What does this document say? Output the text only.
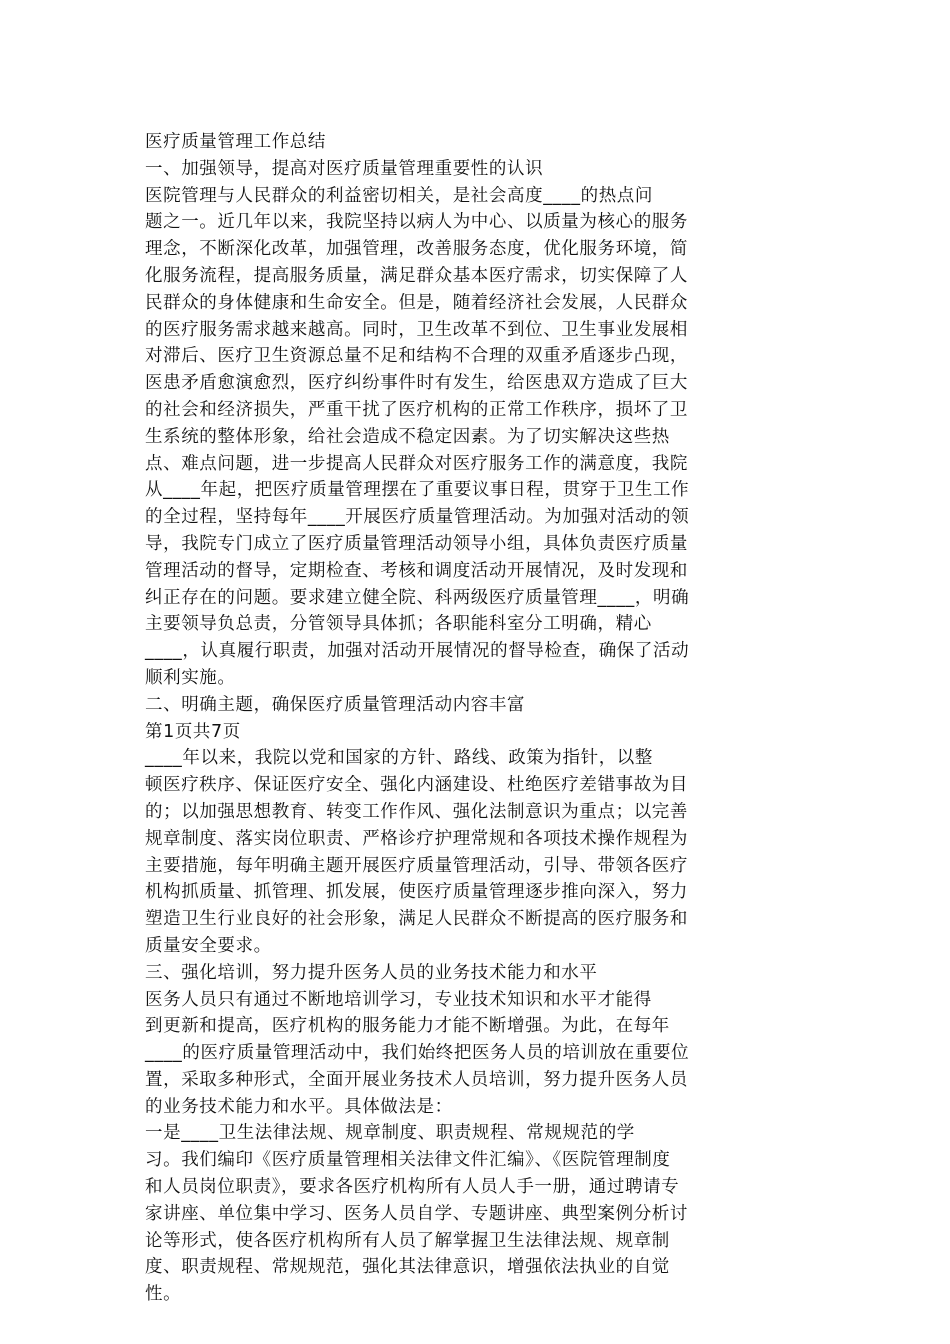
医疗质量管理工作总结
一、加强领导，提高对医疗质量管理重要性的认识
医院管理与人民群众的利益密切相关，是社会高度____的热点问
题之一。近几年以来，我院坚持以病人为中心、以质量为核心的服务
理念，不断深化改革，加强管理，改善服务态度，优化服务环境，简
化服务流程，提高服务质量，满足群众基本医疗需求，切实保障了人
民群众的身体健康和生命安全。但是，随着经济社会发展，人民群众
的医疗服务需求越来越高。同时，卫生改革不到位、卫生事业发展相
对滞后、医疗卫生资源总量不足和结构不合理的双重矛盾逐步凸现，
医患矛盾愈演愈烈，医疗纠纷事件时有发生，给医患双方造成了巨大
的社会和经济损失，严重干扰了医疗机构的正常工作秩序，损坏了卫
生系统的整体形象，给社会造成不稳定因素。为了切实解决这些热
点、难点问题，进一步提高人民群众对医疗服务工作的满意度，我院
从____年起，把医疗质量管理摆在了重要议事日程，贯穿于卫生工作
的全过程，坚持每年____开展医疗质量管理活动。为加强对活动的领
导，我院专门成立了医疗质量管理活动领导小组，具体负责医疗质量
管理活动的督导，定期检查、考核和调度活动开展情况，及时发现和
纠正存在的问题。要求建立健全院、科两级医疗质量管理____，明确
主要领导负总责，分管领导具体抓；各职能科室分工明确，精心
____，认真履行职责，加强对活动开展情况的督导检查，确保了活动
顺利实施。
二、明确主题，确保医疗质量管理活动内容丰富
第1页共7页
____年以来，我院以党和国家的方针、路线、政策为指针，以整
顿医疗秩序、保证医疗安全、强化内涵建设、杜绝医疗差错事故为目
的；以加强思想教育、转变工作作风、强化法制意识为重点；以完善
规章制度、落实岗位职责、严格诊疗护理常规和各项技术操作规程为
主要措施，每年明确主题开展医疗质量管理活动，引导、带领各医疗
机构抓质量、抓管理、抓发展，使医疗质量管理逐步推向深入，努力
塑造卫生行业良好的社会形象，满足人民群众不断提高的医疗服务和
质量安全要求。
三、强化培训，努力提升医务人员的业务技术能力和水平
医务人员只有通过不断地培训学习，专业技术知识和水平才能得
到更新和提高，医疗机构的服务能力才能不断增强。为此，在每年
____的医疗质量管理活动中，我们始终把医务人员的培训放在重要位
置，采取多种形式，全面开展业务技术人员培训，努力提升医务人员
的业务技术能力和水平。具体做法是：
一是____卫生法律法规、规章制度、职责规程、常规规范的学
习。我们编印《医疗质量管理相关法律文件汇编》、《医院管理制度
和人员岗位职责》，要求各医疗机构所有人员人手一册，通过聘请专
家讲座、单位集中学习、医务人员自学、专题讲座、典型案例分析讨
论等形式，使各医疗机构所有人员了解掌握卫生法律法规、规章制
度、职责规程、常规规范，强化其法律意识，增强依法执业的自觉
性。
